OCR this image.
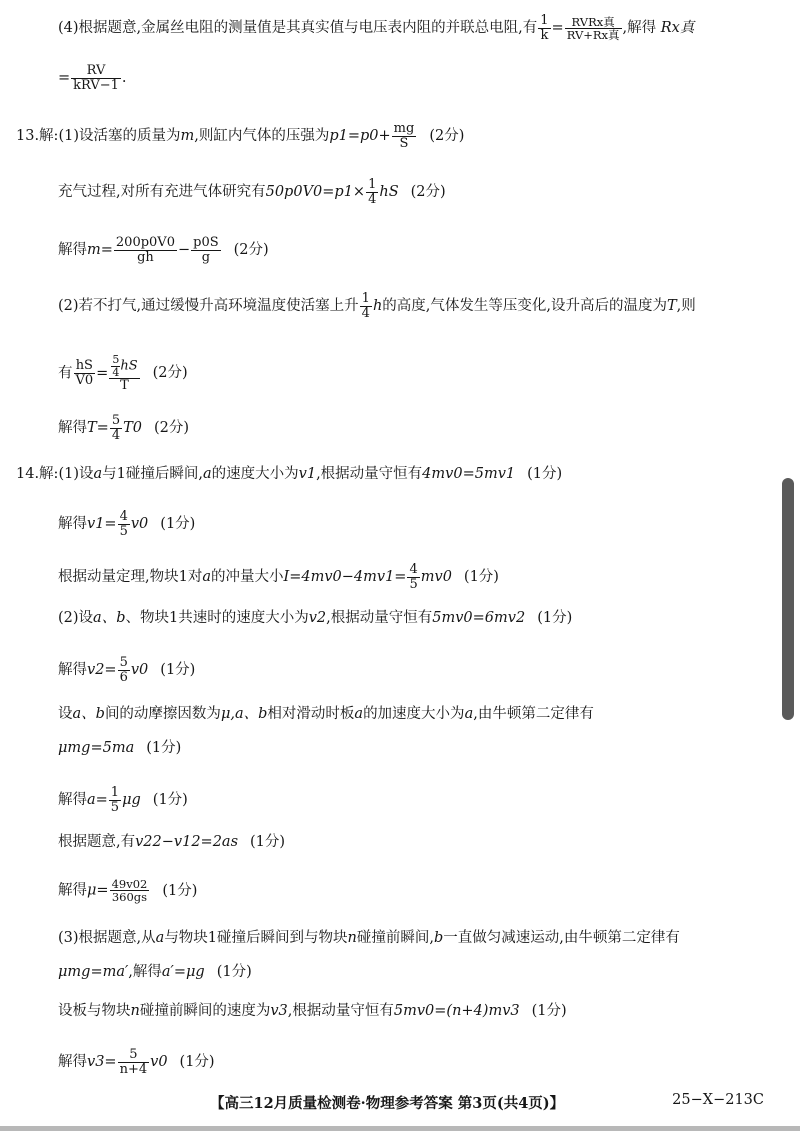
(4)根据题意,金属丝电阻的测量值是其真实值与电压表内阻的并联总电阻,有 $\frac{1}{k} = \frac{\text{RVRx真}}{\text{RV+Rx真}}$ ,解得 Rx真
= $\frac{RV}{\text{kRV−1}}$ .
13.解:(1)设活塞的质量为m,则缸内气体的压强为$p1=p0+ \frac{mg}{S} (2$分)
充气过程,对所有充进气体研究有$50p0V0=p1\times \frac{1}{4}$ hS (2分)
解得$m= \frac{200p0V0}{gh} - \frac{p0S}{g} (2$分)
(2)若不打气,通过缓慢升高环境温度使活塞上升 $\frac{1}{4}$ h的高度,气体发生等压变化,设升高后的温度为T,则
有 $\frac{hS}{V0} = \frac{\frac{5}{4} hS}{T} (2$分)
解得$T= \frac{5}{4} T0$ (2分)
14.解:(1)设a与1碰撞后瞬间,a的速度大小为v1,根据动量守恒有4mv0=5mv1 (1分)
解得$v1= \frac{4}{5} v0$ (1分)
根据动量定理,物块1对a的冲量大小$I=4mv0-4mv1= \frac{4}{5} mv0$ (1分)
(2)设a、b、物块1共速时的速度大小为v2,根据动量守恒有5mv0=6mv2 (1分)
解得$v2= \frac{5}{6} v0$ (1分)
设a、b间的动摩擦因数为μ,a、b相对滑动时板a的加速度大小为a,由牛顿第二定律有
μmg=5ma (1分)
解得$a= \frac{1}{5}$ μg (1分)
根据题意,有v22−v12=2as (1分)
解得$\mu= \frac{49v02}{360gs} (1$分)
(3)根据题意,从a与物块1碰撞后瞬间到与物块n碰撞前瞬间,b一直做匀减速运动,由牛顿第二定律有
μmg=ma′,解得a′=μg (1分)
设板与物块n碰撞前瞬间的速度为v3,根据动量守恒有5mv0=(n+4)mv3 (1分)
解得$v3= \frac{5}{n+4} v0$ (1分)
【高三12月质量检测卷·物理参考答案 第3页(共4页)】	25−X−213C
